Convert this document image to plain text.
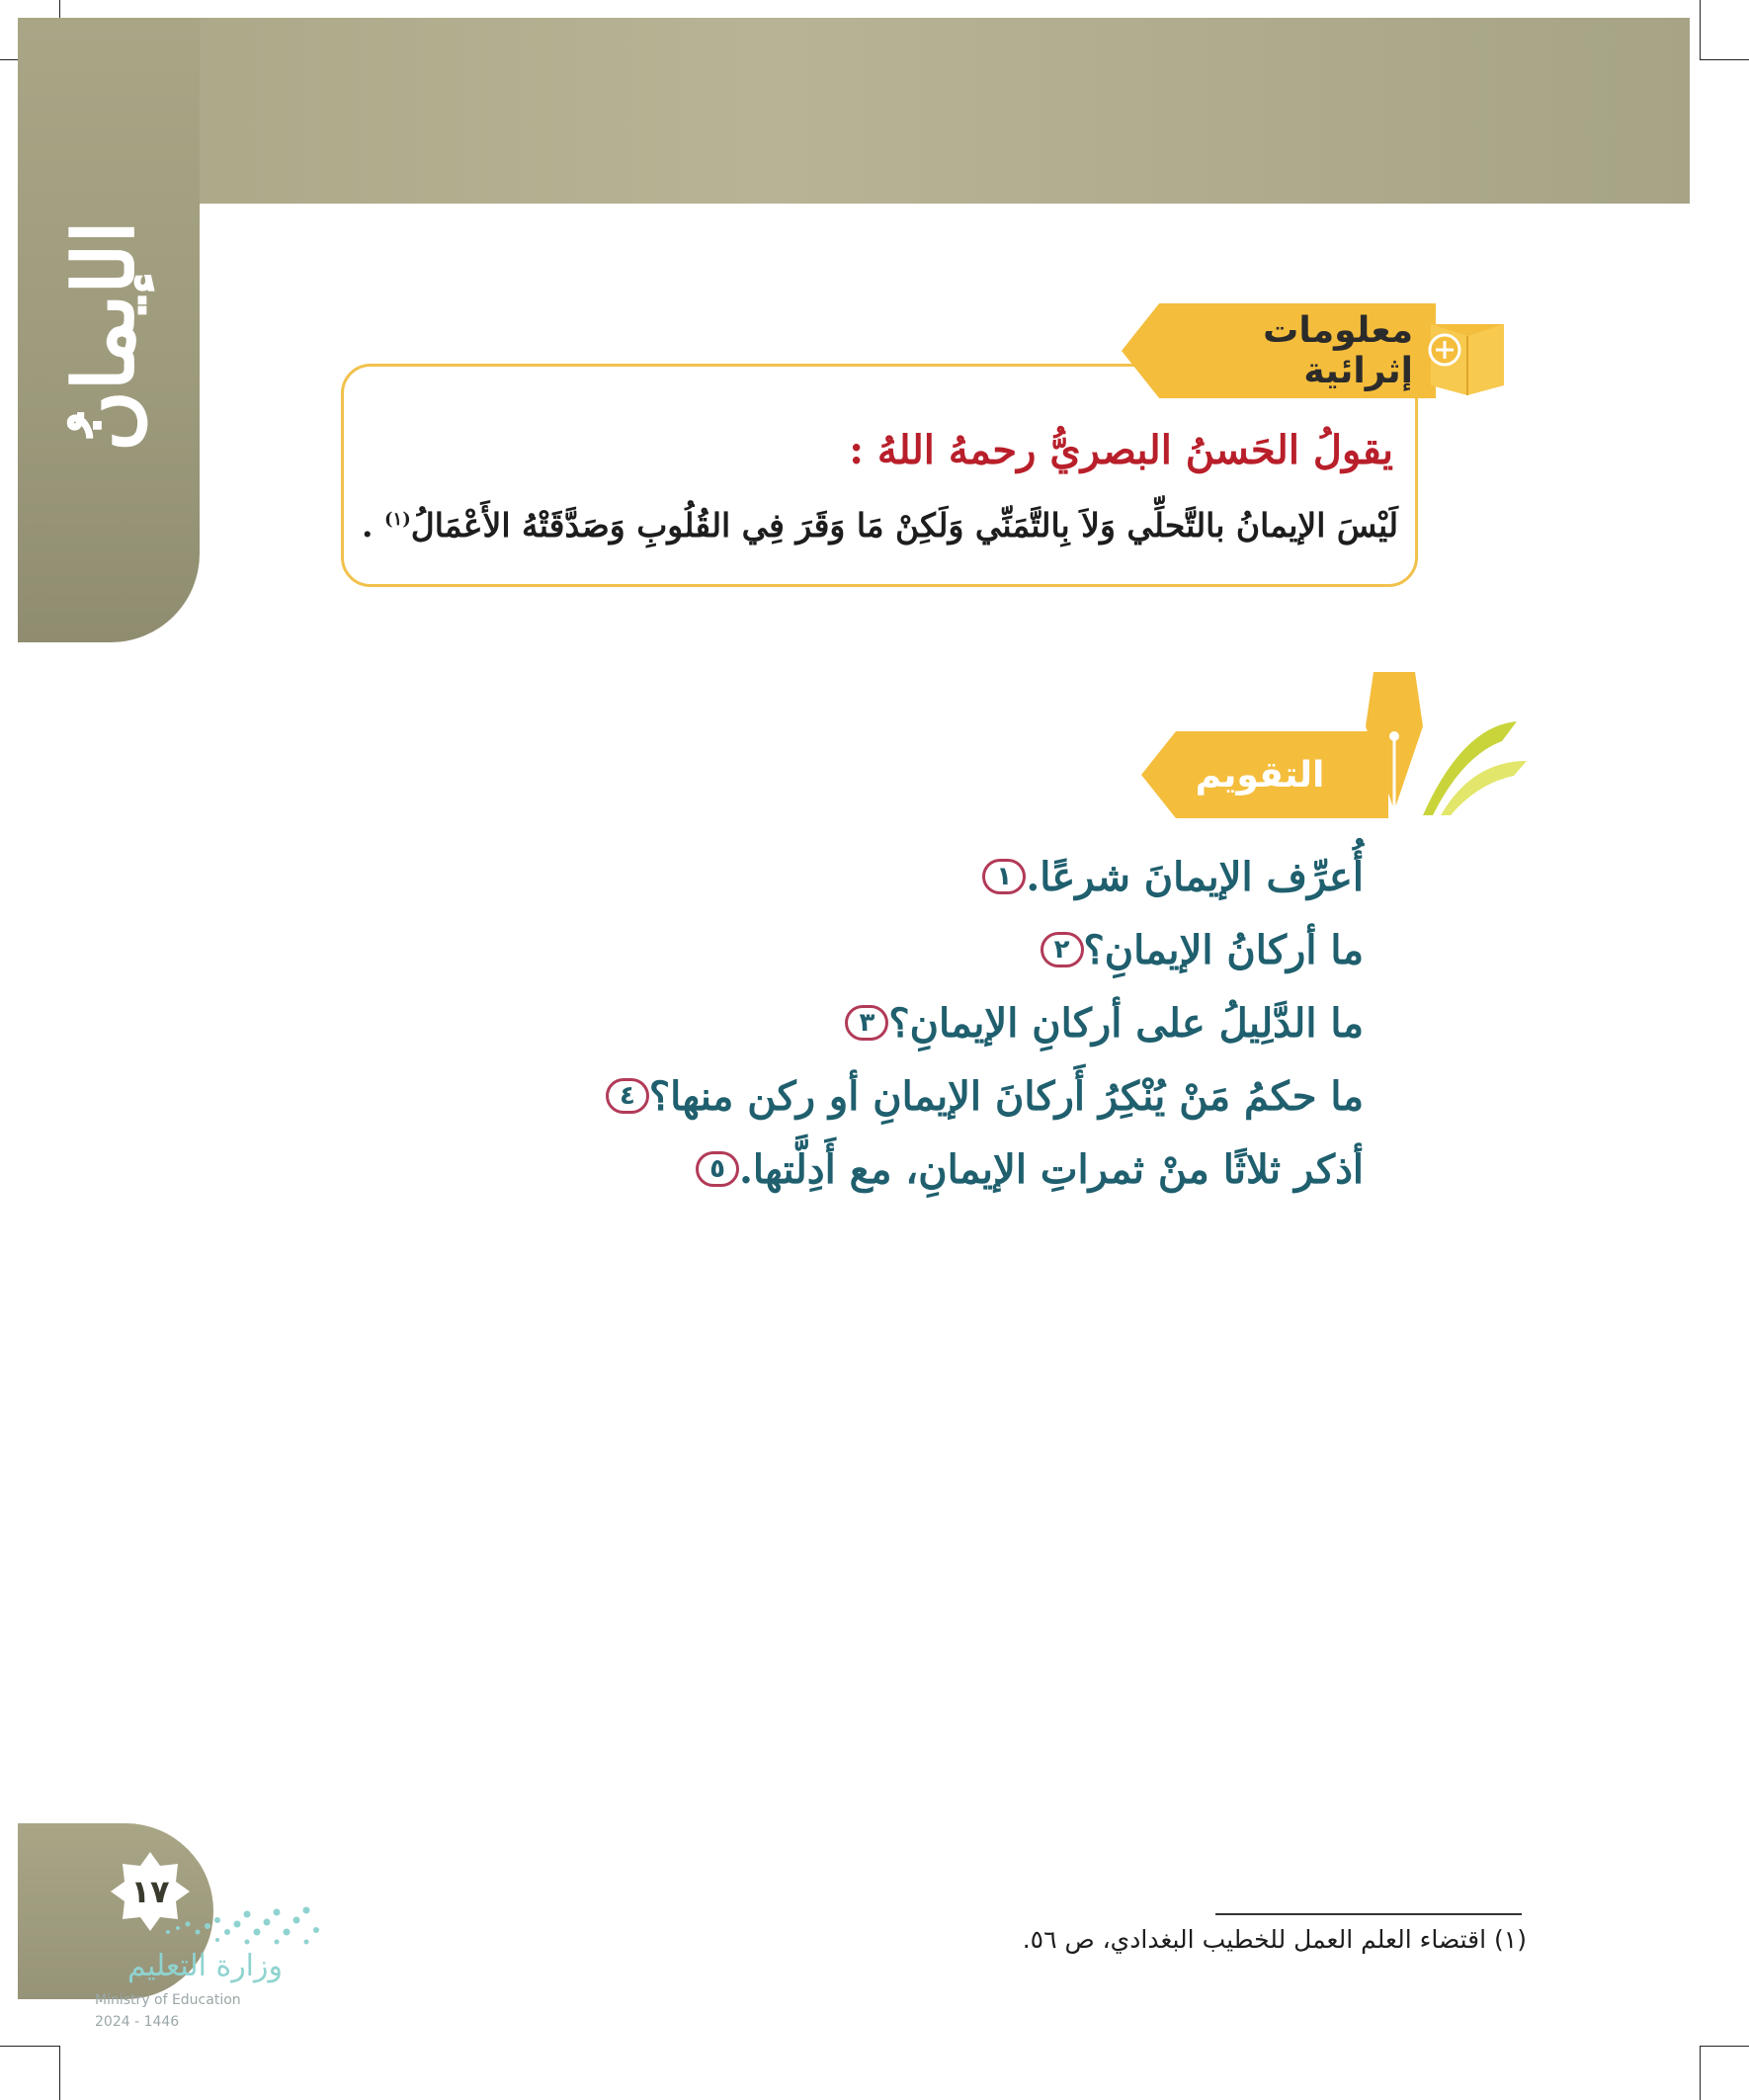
الإيمانُ	معلومات إثرائية
يقولُ الحَسنُ البصريُّ رحمهُ اللهُ :
لَيْسَ الإيمانُ بالتَّحلِّي وَلاَ بِالتَّمَنِّي وَلَكِنْ مَا وَقَرَ فِي القُلُوبِ وَصَدَّقَتْهُ الأَعْمَالُ$^{(١)}$ .
التقويم
١ أُعرِّف الإيمانَ شرعًا.
٢ ما أركانُ الإيمانِ؟
٣ ما الدَّلِيلُ على أركانِ الإيمانِ؟
٤ ما حكمُ مَنْ يُنْكِرُ أَركانَ الإيمانِ أو ركن منها؟
٥ أذكر ثلاثًا منْ ثمراتِ الإيمانِ، مع أَدِلَّتها.
(١) اقتضاء العلم العمل للخطيب البغدادي، ص ٥٦.
١٧
وزارة التعليم
Ministry of Education
2024 - 1446
